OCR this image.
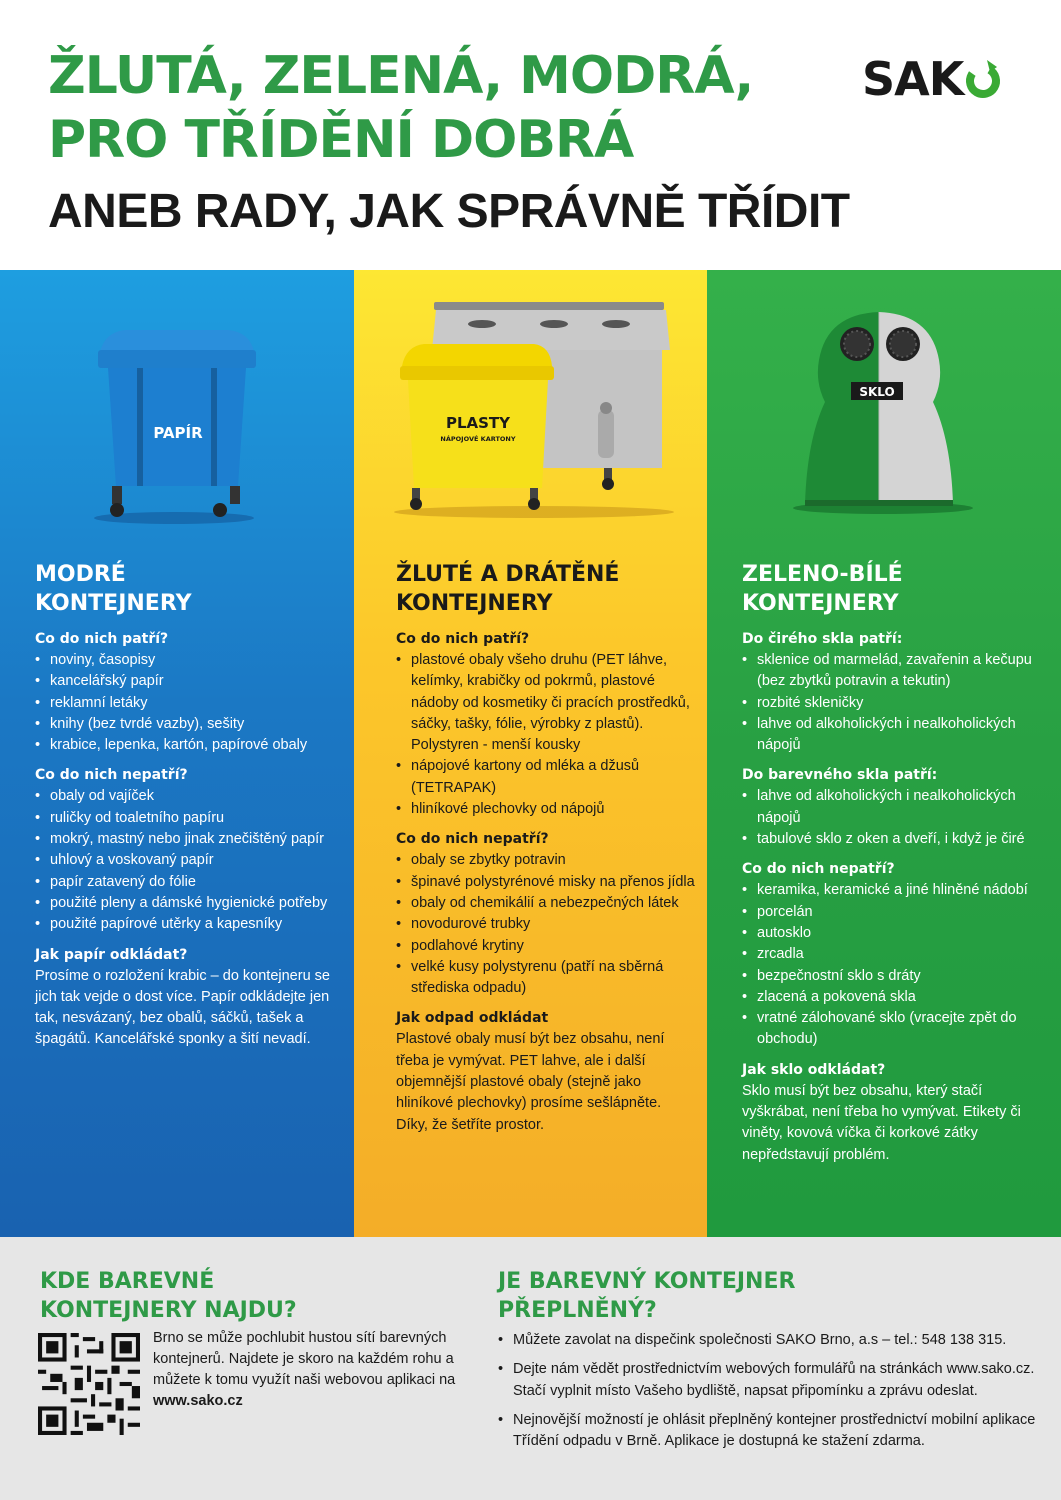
ŽLUTÁ, ZELENÁ, MODRÁ,
PRO TŘÍDĚNÍ DOBRÁ
ANEB RADY, JAK SPRÁVNĚ TŘÍDIT
SAK
PAPÍR
MODRÉ
KONTEJNERY
Co do nich patří?
• noviny, časopisy
• kancelářský papír
• reklamní letáky
• knihy (bez tvrdé vazby), sešity
• krabice, lepenka, kartón, papírové obaly
Co do nich nepatří?
• obaly od vajíček
• ruličky od toaletního papíru
• mokrý, mastný nebo jinak znečištěný papír
• uhlový a voskovaný papír
• papír zatavený do fólie
• použité pleny a dámské hygienické potřeby
• použité papírové utěrky a kapesníky
Jak papír odkládat?

Prosíme o rozložení krabic – do kontejneru se jich tak vejde o dost více. Papír odkládejte jen tak, nesvázaný, bez obalů, sáčků, tašek a špagátů. Kancelářské sponky a šití nevadí.

PLASTY
NÁPOJOVÉ KARTONY
ŽLUTÉ A DRÁTĚNÉ
KONTEJNERY
Co do nich patří?
• plastové obaly všeho druhu (PET láhve, kelímky, krabičky od pokrmů, plastové nádoby od kosmetiky či pracích prostředků, sáčky, tašky, fólie, výrobky z plastů). Polystyren - menší kousky
• nápojové kartony od mléka a džusů (TETRAPAK)
• hliníkové plechovky od nápojů
Co do nich nepatří?
• obaly se zbytky potravin
• špinavé polystyrénové misky na přenos jídla
• obaly od chemikálií a nebezpečných látek
• novodurové trubky
• podlahové krytiny
• velké kusy polystyrenu (patří na sběrná střediska odpadu)
Jak odpad odkládat

Plastové obaly musí být bez obsahu, není třeba je vymývat. PET lahve, ale i další objemnější plastové obaly (stejně jako hliníkové plechovky) prosíme sešlápněte. Díky, že šetříte prostor.

SKLO
ZELENO-BÍLÉ
KONTEJNERY
Do čirého skla patří:
• sklenice od marmelád, zavařenin a kečupu (bez zbytků potravin a tekutin)
• rozbité skleničky
• lahve od alkoholických i nealkoholických nápojů
Do barevného skla patří:
• lahve od alkoholických i nealkoholických nápojů
• tabulové sklo z oken a dveří, i když je čiré
Co do nich nepatří?
• keramika, keramické a jiné hliněné nádobí
• porcelán
• autosklo
• zrcadla
• bezpečnostní sklo s dráty
• zlacená a pokovená skla
• vratné zálohované sklo (vracejte zpět do obchodu)
Jak sklo odkládat?

Sklo musí být bez obsahu, který stačí vyškrábat, není třeba ho vymývat. Etikety či viněty, kovová víčka či korkové zátky nepředstavují problém.

KDE BAREVNÉ
KONTEJNERY NAJDU?

Brno se může pochlubit hustou sítí barevných kontejnerů. Najdete je skoro na každém rohu a můžete k tomu využít naši webovou aplikaci na www.sako.cz

JE BAREVNÝ KONTEJNER
PŘEPLNĚNÝ?
• Můžete zavolat na dispečink společnosti SAKO Brno, a.s – tel.: 548 138 315.
• Dejte nám vědět prostřednictvím webových formulářů na stránkách www.sako.cz. Stačí vyplnit místo Vašeho bydliště, napsat připomínku a zprávu odeslat.
• Nejnovější možností je ohlásit přeplněný kontejner prostřednictví mobilní aplikace Třídění odpadu v Brně. Aplikace je dostupná ke stažení zdarma.
